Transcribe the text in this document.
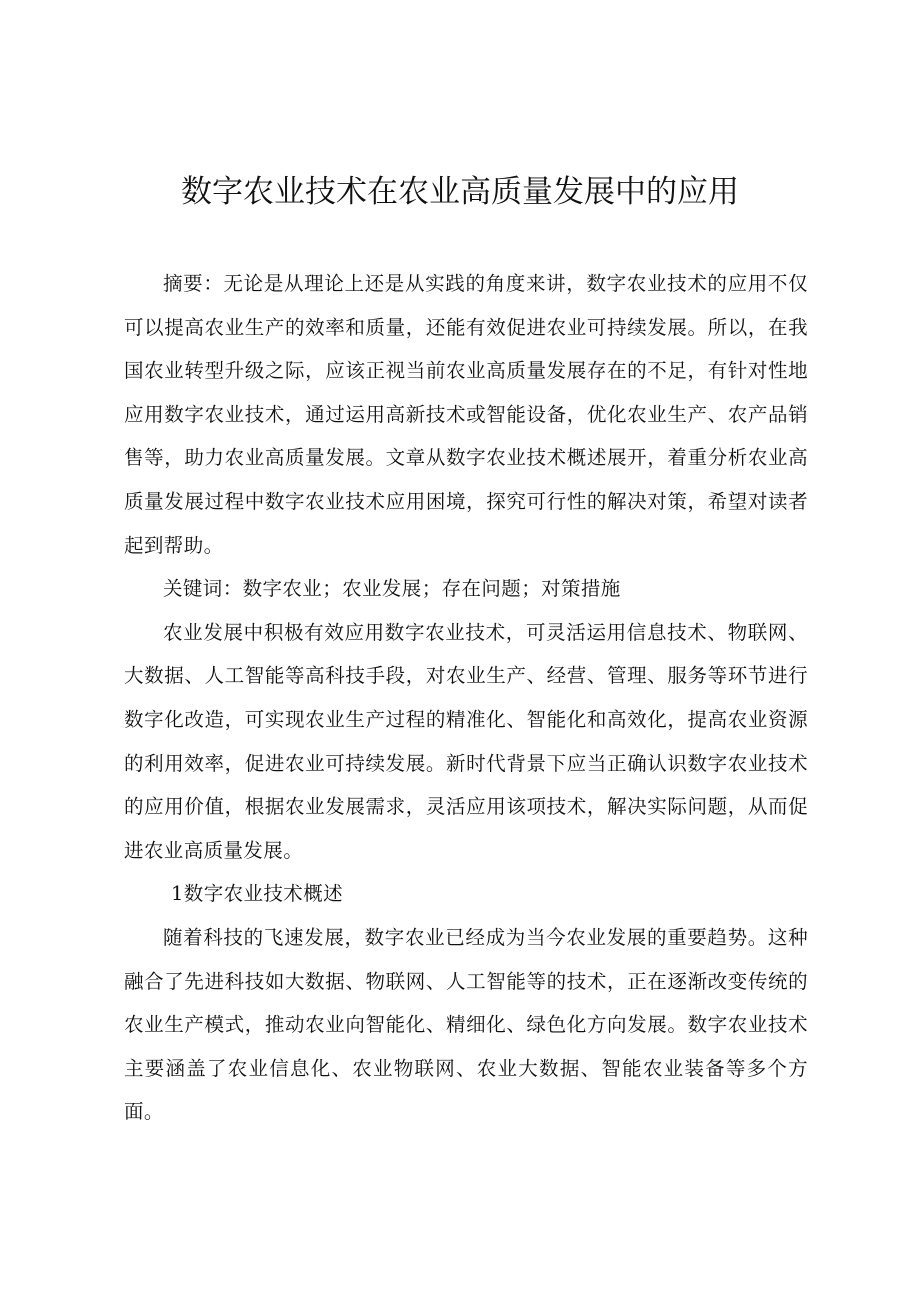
数字农业技术在农业高质量发展中的应用

摘要：无论是从理论上还是从实践的角度来讲，数字农业技术的应用不仅可以提高农业生产的效率和质量，还能有效促进农业可持续发展。所以，在我国农业转型升级之际，应该正视当前农业高质量发展存在的不足，有针对性地应用数字农业技术，通过运用高新技术或智能设备，优化农业生产、农产品销售等，助力农业高质量发展。文章从数字农业技术概述展开，着重分析农业高质量发展过程中数字农业技术应用困境，探究可行性的解决对策，希望对读者起到帮助。

关键词：数字农业；农业发展；存在问题；对策措施

农业发展中积极有效应用数字农业技术，可灵活运用信息技术、物联网、大数据、人工智能等高科技手段，对农业生产、经营、管理、服务等环节进行数字化改造，可实现农业生产过程的精准化、智能化和高效化，提高农业资源的利用效率，促进农业可持续发展。新时代背景下应当正确认识数字农业技术的应用价值，根据农业发展需求，灵活应用该项技术，解决实际问题，从而促进农业高质量发展。

1数字农业技术概述

随着科技的飞速发展，数字农业已经成为当今农业发展的重要趋势。这种融合了先进科技如大数据、物联网、人工智能等的技术，正在逐渐改变传统的农业生产模式，推动农业向智能化、精细化、绿色化方向发展。数字农业技术主要涵盖了农业信息化、农业物联网、农业大数据、智能农业装备等多个方面。
